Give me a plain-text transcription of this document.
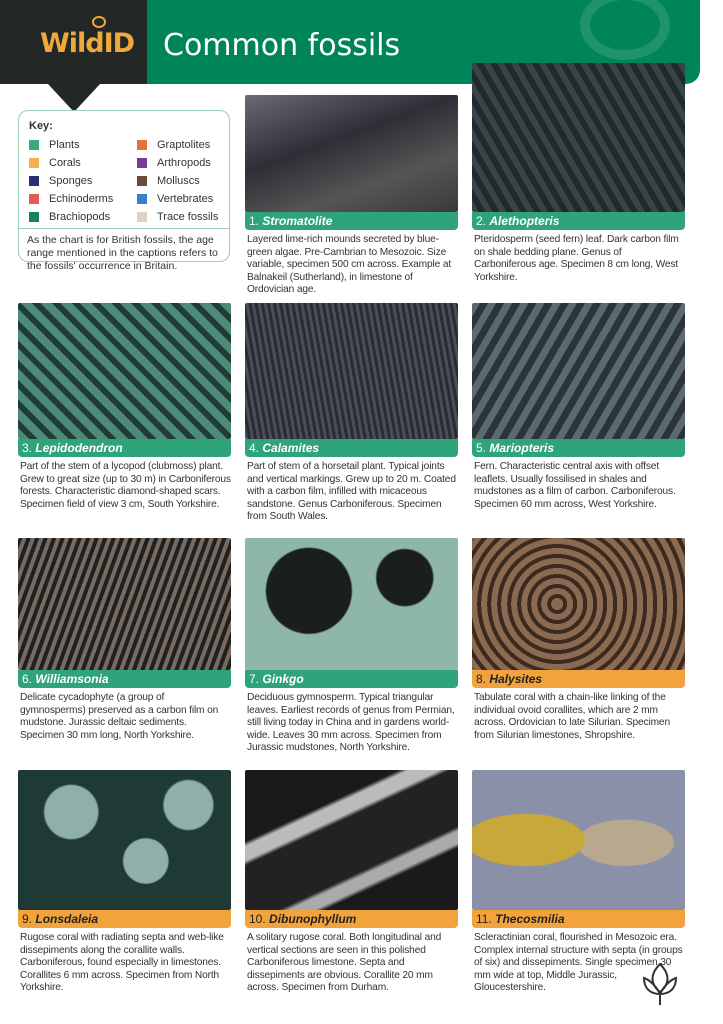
WildID Common fossils
Key:
Plants	Graptolites
Corals	Arthropods
Sponges	Molluscs
Echinoderms	Vertebrates
Brachiopods	Trace fossils
As the chart is for British fossils, the age range mentioned in the captions refers to the fossils' occurrence in Britain.
1. Stromatolite
Layered lime-rich mounds secreted by blue-green algae. Pre-Cambrian to Mesozoic. Size variable, specimen 500 cm across. Example at Balnakeil (Sutherland), in limestone of Ordovician age.
2. Alethopteris
Pteridosperm (seed fern) leaf. Dark carbon film on shale bedding plane. Genus of Carboniferous age. Specimen 8 cm long, West Yorkshire.
3. Lepidodendron
Part of the stem of a lycopod (clubmoss) plant. Grew to great size (up to 30 m) in Carboniferous forests. Characteristic diamond-shaped scars. Specimen field of view 3 cm, South Yorkshire.
4. Calamites
Part of stem of a horsetail plant. Typical joints and vertical markings. Grew up to 20 m. Coated with a carbon film, infilled with micaceous sandstone. Genus Carboniferous. Specimen from South Wales.
5. Mariopteris
Fern. Characteristic central axis with offset leaflets. Usually fossilised in shales and mudstones as a film of carbon. Carboniferous. Specimen 60 mm across, West Yorkshire.
6. Williamsonia
Delicate cycadophyte (a group of gymnosperms) preserved as a carbon film on mudstone. Jurassic deltaic sediments. Specimen 30 mm long, North Yorkshire.
7. Ginkgo
Deciduous gymnosperm. Typical triangular leaves. Earliest records of genus from Permian, still living today in China and in gardens world-wide. Leaves 30 mm across. Specimen from Jurassic mudstones, North Yorkshire.
8. Halysites
Tabulate coral with a chain-like linking of the individual ovoid corallites, which are 2 mm across. Ordovician to late Silurian. Specimen from Silurian limestones, Shropshire.
9. Lonsdaleia
Rugose coral with radiating septa and web-like dissepiments along the corallite walls. Carboniferous, found especially in limestones. Corallites 6 mm across. Specimen from North Yorkshire.
10. Dibunophyllum
A solitary rugose coral. Both longitudinal and vertical sections are seen in this polished Carboniferous limestone. Septa and dissepiments are obvious. Corallite 20 mm across. Specimen from Durham.
11. Thecosmilia
Scleractinian coral, flourished in Mesozoic era. Complex internal structure with septa (in groups of six) and dissepiments. Single specimen 30 mm wide at top, Middle Jurassic, Gloucestershire.
